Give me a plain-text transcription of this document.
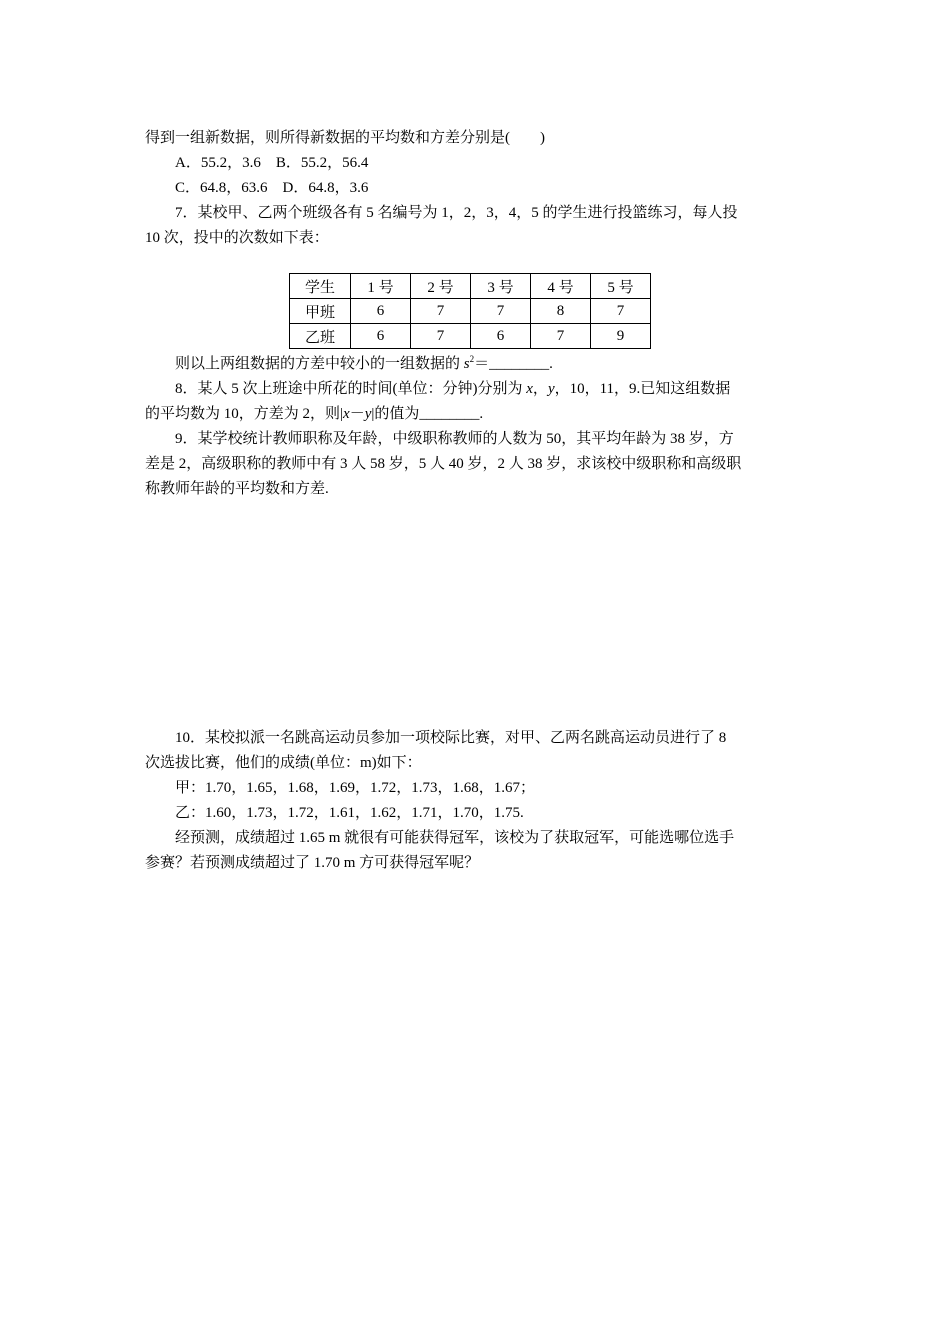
得到一组新数据，则所得新数据的平均数和方差分别是(　　)
A．55.2，3.6　B．55.2，56.4
C．64.8，63.6　D．64.8，3.6
7．某校甲、乙两个班级各有 5 名编号为 1，2，3，4，5 的学生进行投篮练习，每人投
10 次，投中的次数如下表：
学生	1 号	2 号	3 号	4 号	5 号
甲班	6	7	7	8	7
乙班	6	7	6	7	9
则以上两组数据的方差中较小的一组数据的 $s^2=\_\_\_\_\_\_\_\_$.
8．某人 5 次上班途中所花的时间(单位：分钟)分别为 x，y，10，11，9.已知这组数据
的平均数为 10，方差为 2，则|x－y|的值为________.
9．某学校统计教师职称及年龄，中级职称教师的人数为 50，其平均年龄为 38 岁，方
差是 2，高级职称的教师中有 3 人 58 岁，5 人 40 岁，2 人 38 岁，求该校中级职称和高级职
称教师年龄的平均数和方差.
10．某校拟派一名跳高运动员参加一项校际比赛，对甲、乙两名跳高运动员进行了 8
次选拔比赛，他们的成绩(单位：m)如下：
甲：1.70，1.65，1.68，1.69，1.72，1.73，1.68，1.67；
乙：1.60，1.73，1.72，1.61，1.62，1.71，1.70，1.75.
经预测，成绩超过 1.65 m 就很有可能获得冠军，该校为了获取冠军，可能选哪位选手
参赛？若预测成绩超过了 1.70 m 方可获得冠军呢？
